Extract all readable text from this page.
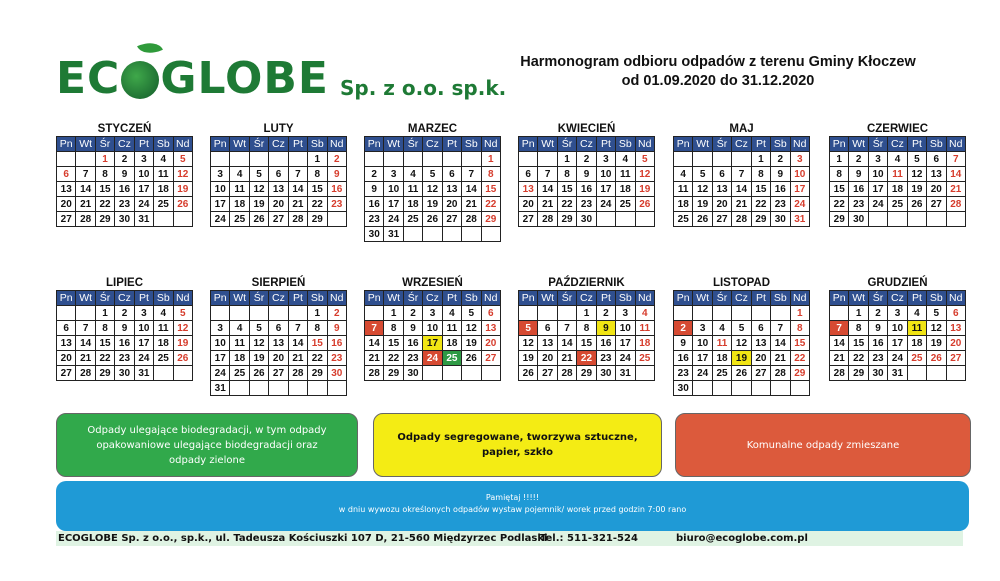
EC GLOBE Sp. z o.o. sp.k.
Harmonogram odbioru odpadów z terenu Gminy Kłoczew
od 01.09.2020 do 31.12.2020
STYCZEŃ
Pn	Wt	Śr	Cz	Pt	Sb	Nd
		1	2	3	4	5
6	7	8	9	10	11	12
13	14	15	16	17	18	19
20	21	22	23	24	25	26
27	28	29	30	31		
LUTY
Pn	Wt	Śr	Cz	Pt	Sb	Nd
					1	2
3	4	5	6	7	8	9
10	11	12	13	14	15	16
17	18	19	20	21	22	23
24	25	26	27	28	29	
MARZEC
Pn	Wt	Śr	Cz	Pt	Sb	Nd
						1
2	3	4	5	6	7	8
9	10	11	12	13	14	15
16	17	18	19	20	21	22
23	24	25	26	27	28	29
30	31					
KWIECIEŃ
Pn	Wt	Śr	Cz	Pt	Sb	Nd
		1	2	3	4	5
6	7	8	9	10	11	12
13	14	15	16	17	18	19
20	21	22	23	24	25	26
27	28	29	30			
MAJ
Pn	Wt	Śr	Cz	Pt	Sb	Nd
				1	2	3
4	5	6	7	8	9	10
11	12	13	14	15	16	17
18	19	20	21	22	23	24
25	26	27	28	29	30	31
CZERWIEC
Pn	Wt	Śr	Cz	Pt	Sb	Nd
1	2	3	4	5	6	7
8	9	10	11	12	13	14
15	16	17	18	19	20	21
22	23	24	25	26	27	28
29	30					
LIPIEC
Pn	Wt	Śr	Cz	Pt	Sb	Nd
		1	2	3	4	5
6	7	8	9	10	11	12
13	14	15	16	17	18	19
20	21	22	23	24	25	26
27	28	29	30	31		
SIERPIEŃ
Pn	Wt	Śr	Cz	Pt	Sb	Nd
					1	2
3	4	5	6	7	8	9
10	11	12	13	14	15	16
17	18	19	20	21	22	23
24	25	26	27	28	29	30
31						
WRZESIEŃ
Pn	Wt	Śr	Cz	Pt	Sb	Nd
	1	2	3	4	5	6
7	8	9	10	11	12	13
14	15	16	17	18	19	20
21	22	23	24	25	26	27
28	29	30				
PAŹDZIERNIK
Pn	Wt	Śr	Cz	Pt	Sb	Nd
			1	2	3	4
5	6	7	8	9	10	11
12	13	14	15	16	17	18
19	20	21	22	23	24	25
26	27	28	29	30	31	
LISTOPAD
Pn	Wt	Śr	Cz	Pt	Sb	Nd
						1
2	3	4	5	6	7	8
9	10	11	12	13	14	15
16	17	18	19	20	21	22
23	24	25	26	27	28	29
30						
GRUDZIEŃ
Pn	Wt	Śr	Cz	Pt	Sb	Nd
	1	2	3	4	5	6
7	8	9	10	11	12	13
14	15	16	17	18	19	20
21	22	23	24	25	26	27
28	29	30	31			
Odpady ulegające biodegradacji, w tym odpady opakowaniowe ulegające biodegradacji oraz odpady zielone
Odpady segregowane, tworzywa sztuczne, papier, szkło
Komunalne odpady zmieszane
Pamiętaj !!!!!
w dniu wywozu określonych odpadów wystaw pojemnik/ worek przed godzin 7:00 rano
ECOGLOBE Sp. z o.o., sp.k., ul. Tadeusza Kościuszki 107 D, 21-560 Międzyrzec Podlaski
Tel.: 511-321-524	biuro@ecoglobe.com.pl
